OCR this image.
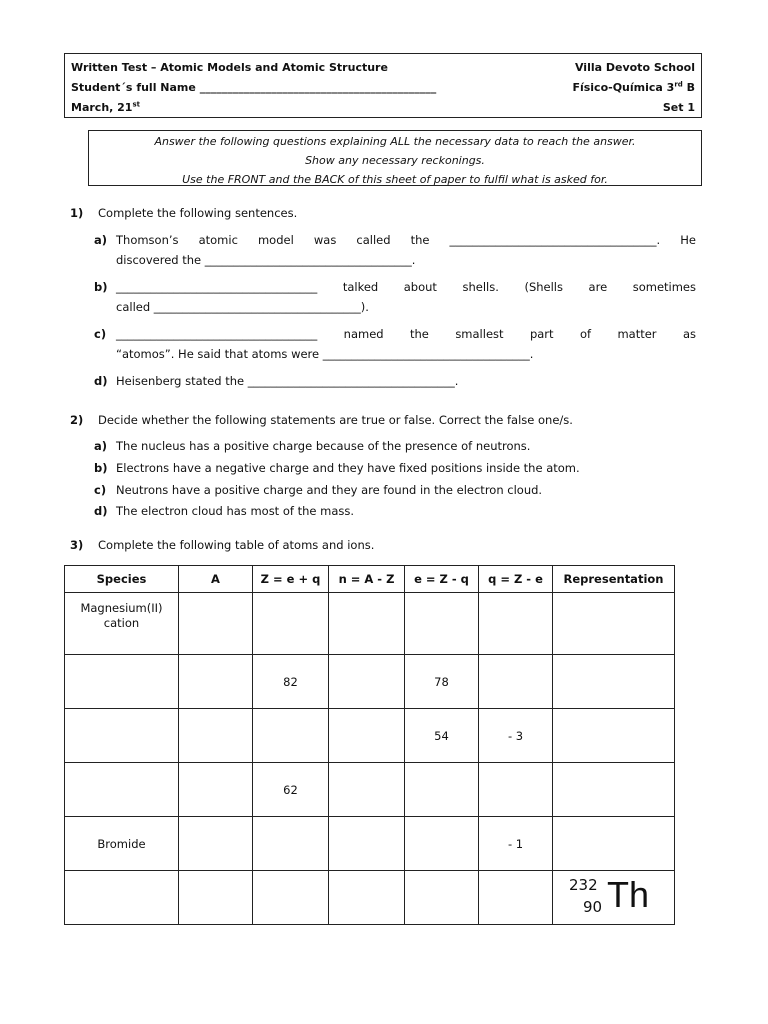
Written Test – Atomic Models and Atomic Structure	Villa Devoto School
Student´s full Name ___________________________________________	Físico-Química 3rd B
March, 21st	Set 1
Answer the following questions explaining ALL the necessary data to reach the answer.
Show any necessary reckonings.
Use the FRONT and the BACK of this sheet of paper to fulfil what is asked for.
1) Complete the following sentences.
a) Thomson’s atomic model was called the ____________________________________. He
discovered the ____________________________________.
b) ___________________________________ talked about shells. (Shells are sometimes
called ____________________________________).
c) ___________________________________ named the smallest part of matter as
“atomos”. He said that atoms were ____________________________________.
d) Heisenberg stated the ____________________________________.
2) Decide whether the following statements are true or false. Correct the false one/s.
a) The nucleus has a positive charge because of the presence of neutrons.
b) Electrons have a negative charge and they have fixed positions inside the atom.
c) Neutrons have a positive charge and they are found in the electron cloud.
d) The electron cloud has most of the mass.
3) Complete the following table of atoms and ions.
Species	A	Z = e + q	n = A - Z	e = Z - q	q = Z - e	Representation
Magnesium(II)
cation						
		82		78		
				54	- 3	
		62				
Bromide					- 1	

						232
90 Th
